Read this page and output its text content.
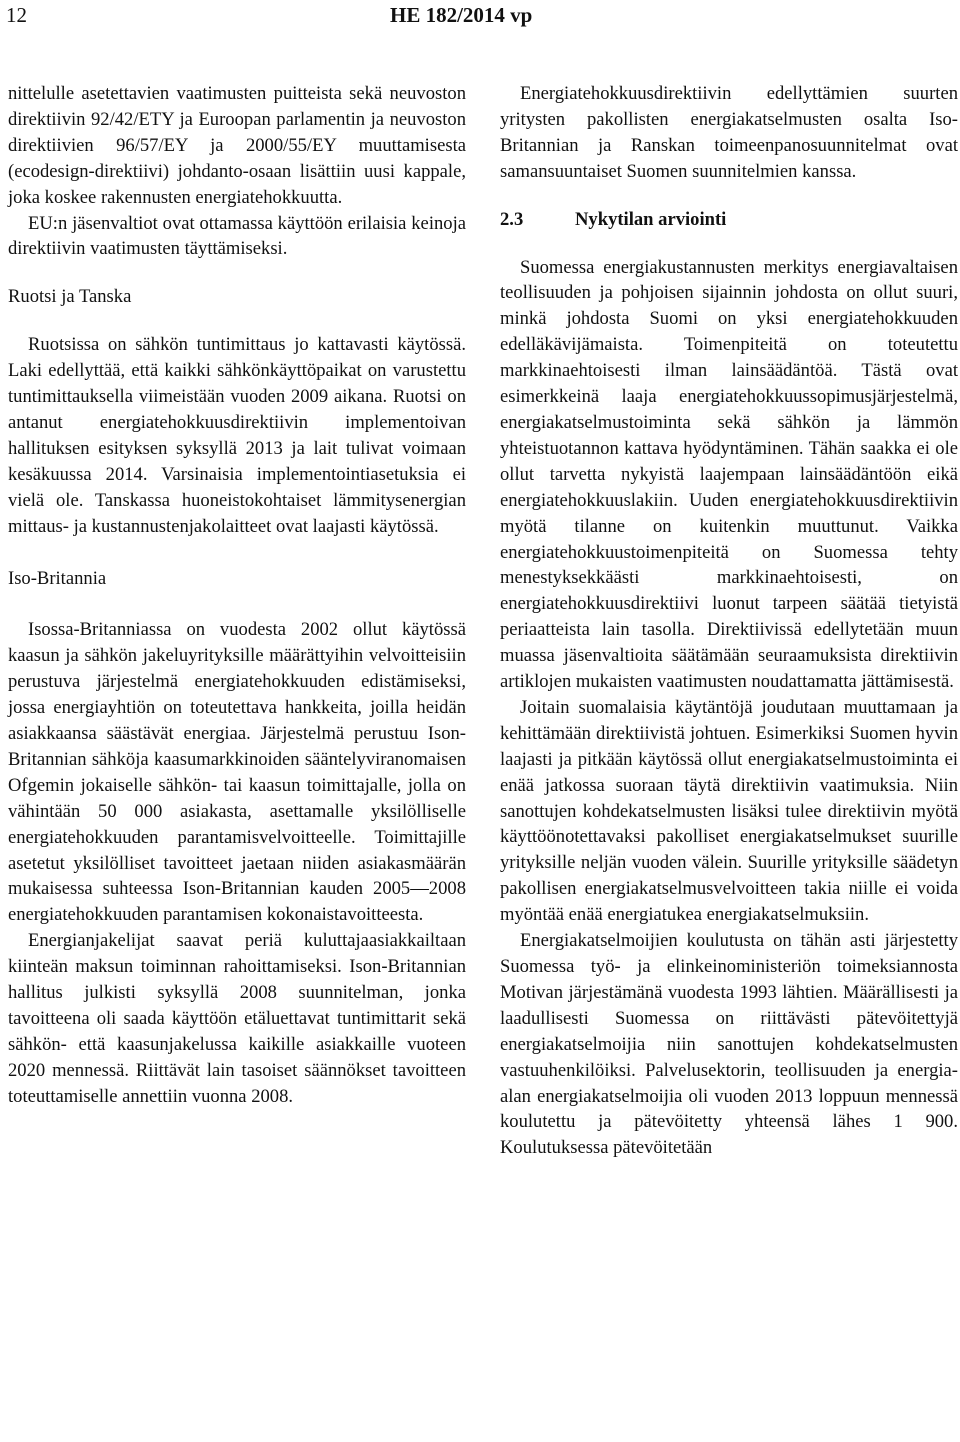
12	HE 182/2014 vp

nittelulle asetettavien vaatimusten puitteista sekä neuvoston direktiivin 92/42/ETY ja Euroopan parlamentin ja neuvoston direktiivien 96/57/EY ja 2000/55/EY muuttamisesta (ecodesign-direktiivi) johdanto-osaan lisättiin uusi kappale, joka koskee rakennusten energiatehokkuutta.

EU:n jäsenvaltiot ovat ottamassa käyttöön erilaisia keinoja direktiivin vaatimusten täyttämiseksi.

Ruotsi ja Tanska

Ruotsissa on sähkön tuntimittaus jo kattavasti käytössä. Laki edellyttää, että kaikki sähkönkäyttöpaikat on varustettu tuntimittauksella viimeistään vuoden 2009 aikana. Ruotsi on antanut energiatehokkuusdirektiivin implementoivan hallituksen esityksen syksyllä 2013 ja lait tulivat voimaan kesäkuussa 2014. Varsinaisia implementointiasetuksia ei vielä ole. Tanskassa huoneistokohtaiset lämmitysenergian mittaus- ja kustannustenjakolaitteet ovat laajasti käytössä.

Iso-Britannia

Isossa-Britanniassa on vuodesta 2002 ollut käytössä kaasun ja sähkön jakeluyrityksille määrättyihin velvoitteisiin perustuva järjestelmä energiatehokkuuden edistämiseksi, jossa energiayhtiön on toteutettava hankkeita, joilla heidän asiakkaansa säästävät energiaa. Järjestelmä perustuu Ison-Britannian sähköja kaasumarkkinoiden sääntelyviranomaisen Ofgemin jokaiselle sähkön- tai kaasun toimittajalle, jolla on vähintään 50 000 asiakasta, asettamalle yksilölliselle energiatehokkuuden parantamisvelvoitteelle. Toimittajille asetetut yksilölliset tavoitteet jaetaan niiden asiakasmäärän mukaisessa suhteessa Ison-Britannian kauden 2005—2008 energiatehokkuuden parantamisen kokonaistavoitteesta.

Energianjakelijat saavat periä kuluttajaasiakkailtaan kiinteän maksun toiminnan rahoittamiseksi. Ison-Britannian hallitus julkisti syksyllä 2008 suunnitelman, jonka tavoitteena oli saada käyttöön etäluettavat tuntimittarit sekä sähkön- että kaasunjakelussa kaikille asiakkaille vuoteen 2020 mennessä. Riittävät lain tasoiset säännökset tavoitteen toteuttamiselle annettiin vuonna 2008.

Energiatehokkuusdirektiivin edellyttämien suurten yritysten pakollisten energiakatselmusten osalta Iso-Britannian ja Ranskan toimeenpanosuunnitelmat ovat samansuuntaiset Suomen suunnitelmien kanssa.

2.3	Nykytilan arviointi

Suomessa energiakustannusten merkitys energiavaltaisen teollisuuden ja pohjoisen sijainnin johdosta on ollut suuri, minkä johdosta Suomi on yksi energiatehokkuuden edelläkävijämaista. Toimenpiteitä on toteutettu markkinaehtoisesti ilman lainsäädäntöä. Tästä ovat esimerkkeinä laaja energiatehokkuussopimusjärjestelmä, energiakatselmustoiminta sekä sähkön ja lämmön yhteistuotannon kattava hyödyntäminen. Tähän saakka ei ole ollut tarvetta nykyistä laajempaan lainsäädäntöön eikä energiatehokkuuslakiin. Uuden energiatehokkuusdirektiivin myötä tilanne on kuitenkin muuttunut. Vaikka energiatehokkuustoimenpiteitä on Suomessa tehty menestyksekkäästi markkinaehtoisesti, on energiatehokkuusdirektiivi luonut tarpeen säätää tietyistä periaatteista lain tasolla. Direktiivissä edellytetään muun muassa jäsenvaltioita säätämään seuraamuksista direktiivin artiklojen mukaisten vaatimusten noudattamatta jättämisestä.

Joitain suomalaisia käytäntöjä joudutaan muuttamaan ja kehittämään direktiivistä johtuen. Esimerkiksi Suomen hyvin laajasti ja pitkään käytössä ollut energiakatselmustoiminta ei enää jatkossa suoraan täytä direktiivin vaatimuksia. Niin sanottujen kohdekatselmusten lisäksi tulee direktiivin myötä käyttöönotettavaksi pakolliset energiakatselmukset suurille yrityksille neljän vuoden välein. Suurille yrityksille säädetyn pakollisen energiakatselmusvelvoitteen takia niille ei voida myöntää enää energiatukea energiakatselmuksiin.

Energiakatselmoijien koulutusta on tähän asti järjestetty Suomessa työ- ja elinkeinoministeriön toimeksiannosta Motivan järjestämänä vuodesta 1993 lähtien. Määrällisesti ja laadullisesti Suomessa on riittävästi pätevöitettyjä energiakatselmoijia niin sanottujen kohdekatselmusten vastuuhenkilöiksi. Palvelusektorin, teollisuuden ja energia-alan energiakatselmoijia oli vuoden 2013 loppuun mennessä koulutettu ja pätevöitetty yhteensä lähes 1 900. Koulutuksessa pätevöitetään
